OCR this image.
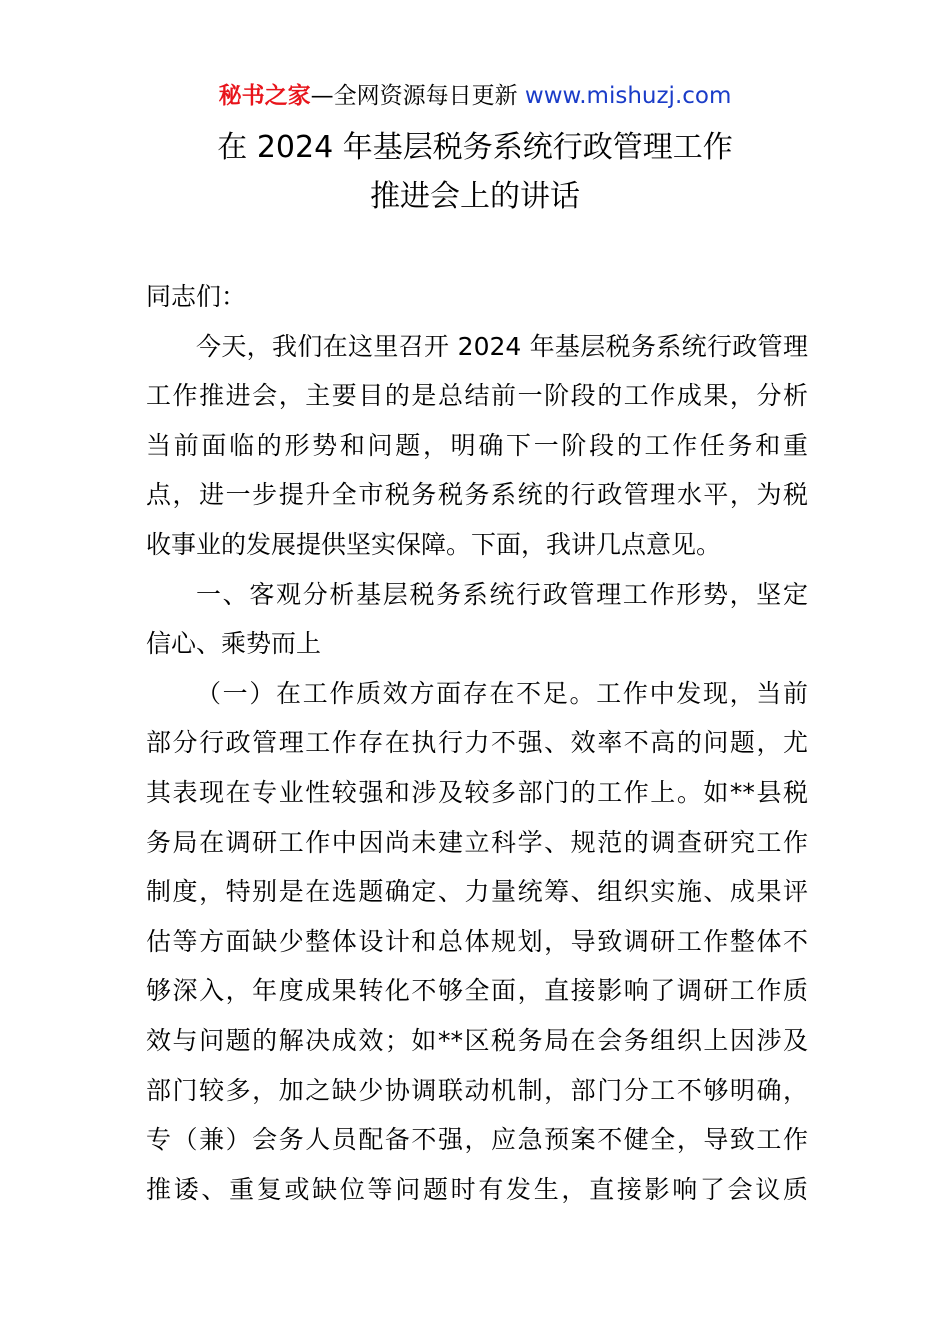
秘书之家—全网资源每日更新 www.mishuzj.com
在 2024 年基层税务系统行政管理工作
推进会上的讲话
同志们：
今天，我们在这里召开 2024 年基层税务系统行政管理
工作推进会，主要目的是总结前一阶段的工作成果，分析
当前面临的形势和问题，明确下一阶段的工作任务和重
点，进一步提升全市税务税务系统的行政管理水平，为税
收事业的发展提供坚实保障。下面，我讲几点意见。
一、客观分析基层税务系统行政管理工作形势，坚定
信心、乘势而上
（一）在工作质效方面存在不足。工作中发现，当前
部分行政管理工作存在执行力不强、效率不高的问题，尤
其表现在专业性较强和涉及较多部门的工作上。如**县税
务局在调研工作中因尚未建立科学、规范的调查研究工作
制度，特别是在选题确定、力量统筹、组织实施、成果评
估等方面缺少整体设计和总体规划，导致调研工作整体不
够深入，年度成果转化不够全面，直接影响了调研工作质
效与问题的解决成效；如**区税务局在会务组织上因涉及
部门较多，加之缺少协调联动机制，部门分工不够明确，
专（兼）会务人员配备不强，应急预案不健全，导致工作
推诿、重复或缺位等问题时有发生，直接影响了会议质
